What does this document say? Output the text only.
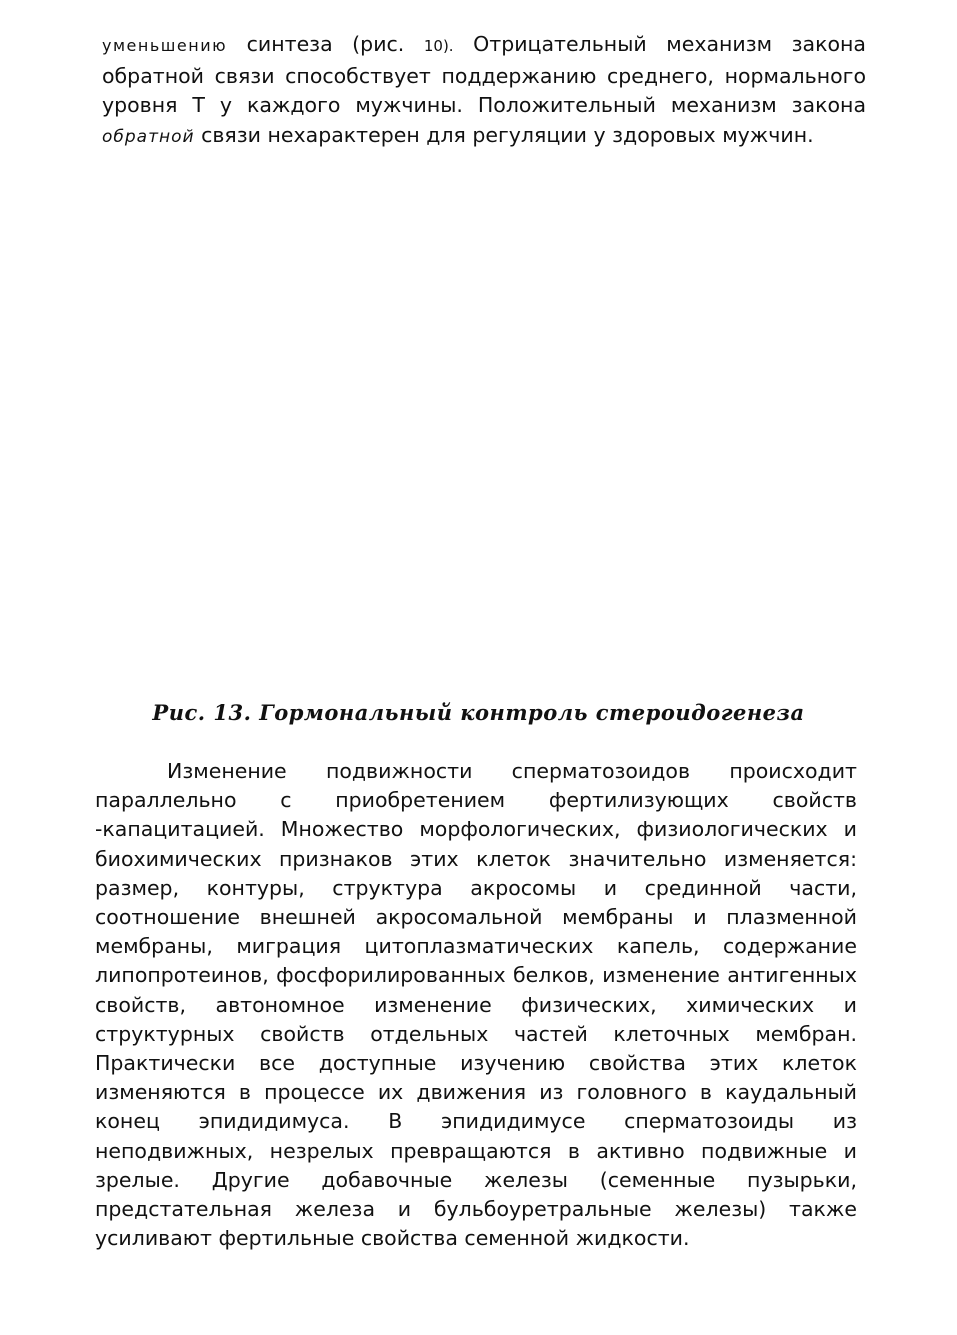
уменьшению синтеза (рис. 10). Отрицательный механизм закона обратной связи способствует поддержанию среднего, нормального уровня Т у каждого мужчины. Положительный механизм закона обратной связи нехарактерен для регуляции у здоровых мужчин.

Рис. 13. Гормональный контроль стероидогенеза

Изменение подвижности сперматозоидов происходит параллельно с приобретением фертилизующих свойств -капацитацией. Множество морфологических, физиологических и биохимических признаков этих клеток значительно изменяется: размер, контуры, структура акросомы и срединной части, соотношение внешней акросомальной мембраны и плазменной мембраны, миграция цитоплазматических капель, содержание липопротеинов, фосфорилированных белков, изменение антигенных свойств, автономное изменение физических, химических и структурных свойств отдельных частей клеточных мембран. Практически все доступные изучению свойства этих клеток изменяются в процессе их движения из головного в каудальный конец эпидидимуса. В эпидидимусе сперматозоиды из неподвижных, незрелых превращаются в активно подвижные и зрелые. Другие добавочные железы (семенные пузырьки, предстательная железа и бульбоуретральные железы) также усиливают фертильные свойства семенной жидкости.
